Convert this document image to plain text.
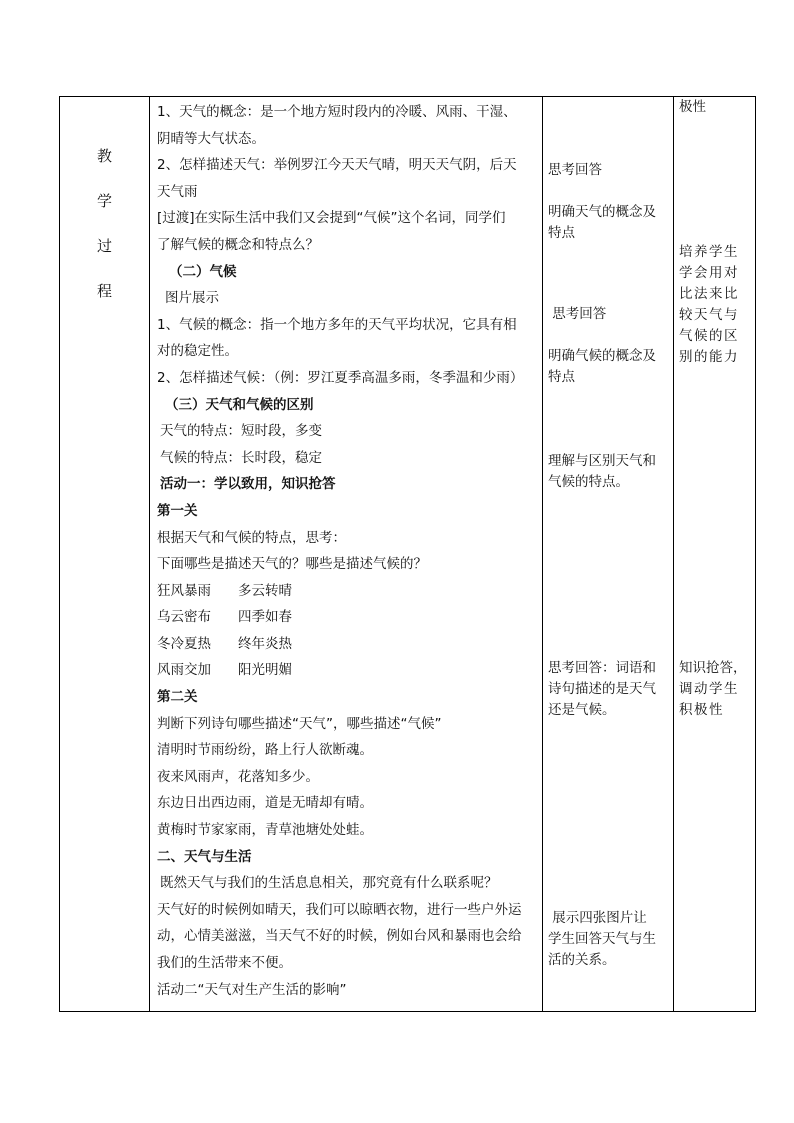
教
学
过
程
1、天气的概念：是一个地方短时段内的冷暖、风雨、干湿、
阴晴等大气状态。
2、怎样描述天气：举例罗江今天天气晴，明天天气阴，后天
天气雨
[过渡]在实际生活中我们又会提到“气候”这个名词，同学们
了解气候的概念和特点么？
（二）气候
图片展示
1、气候的概念：指一个地方多年的天气平均状况，它具有相
对的稳定性。
2、怎样描述气候：（例：罗江夏季高温多雨，冬季温和少雨）
（三）天气和气候的区别
天气的特点：短时段，多变
气候的特点：长时段，稳定
活动一：学以致用，知识抢答
第一关
根据天气和气候的特点，思考：
下面哪些是描述天气的？哪些是描述气候的？
狂风暴雨　　多云转晴
乌云密布　　四季如春
冬冷夏热　　终年炎热
风雨交加　　阳光明媚
第二关
判断下列诗句哪些描述“天气”，哪些描述“气候”
清明时节雨纷纷，路上行人欲断魂。
夜来风雨声，花落知多少。
东边日出西边雨，道是无晴却有晴。
黄梅时节家家雨，青草池塘处处蛙。
二、天气与生活
既然天气与我们的生活息息相关，那究竟有什么联系呢？
天气好的时候例如晴天，我们可以晾晒衣物，进行一些户外运
动，心情美滋滋，当天气不好的时候，例如台风和暴雨也会给
我们的生活带来不便。
活动二“天气对生产生活的影响”
思考回答
明确天气的概念及
特点
思考回答
明确气候的概念及
特点
理解与区别天气和
气候的特点。
思考回答：词语和
诗句描述的是天气
还是气候。
展示四张图片让
学生回答天气与生
活的关系。
极性
培养学生
学会用对
比法来比
较天气与
气候的区
别的能力
知识抢答，
调动学生
积极性
